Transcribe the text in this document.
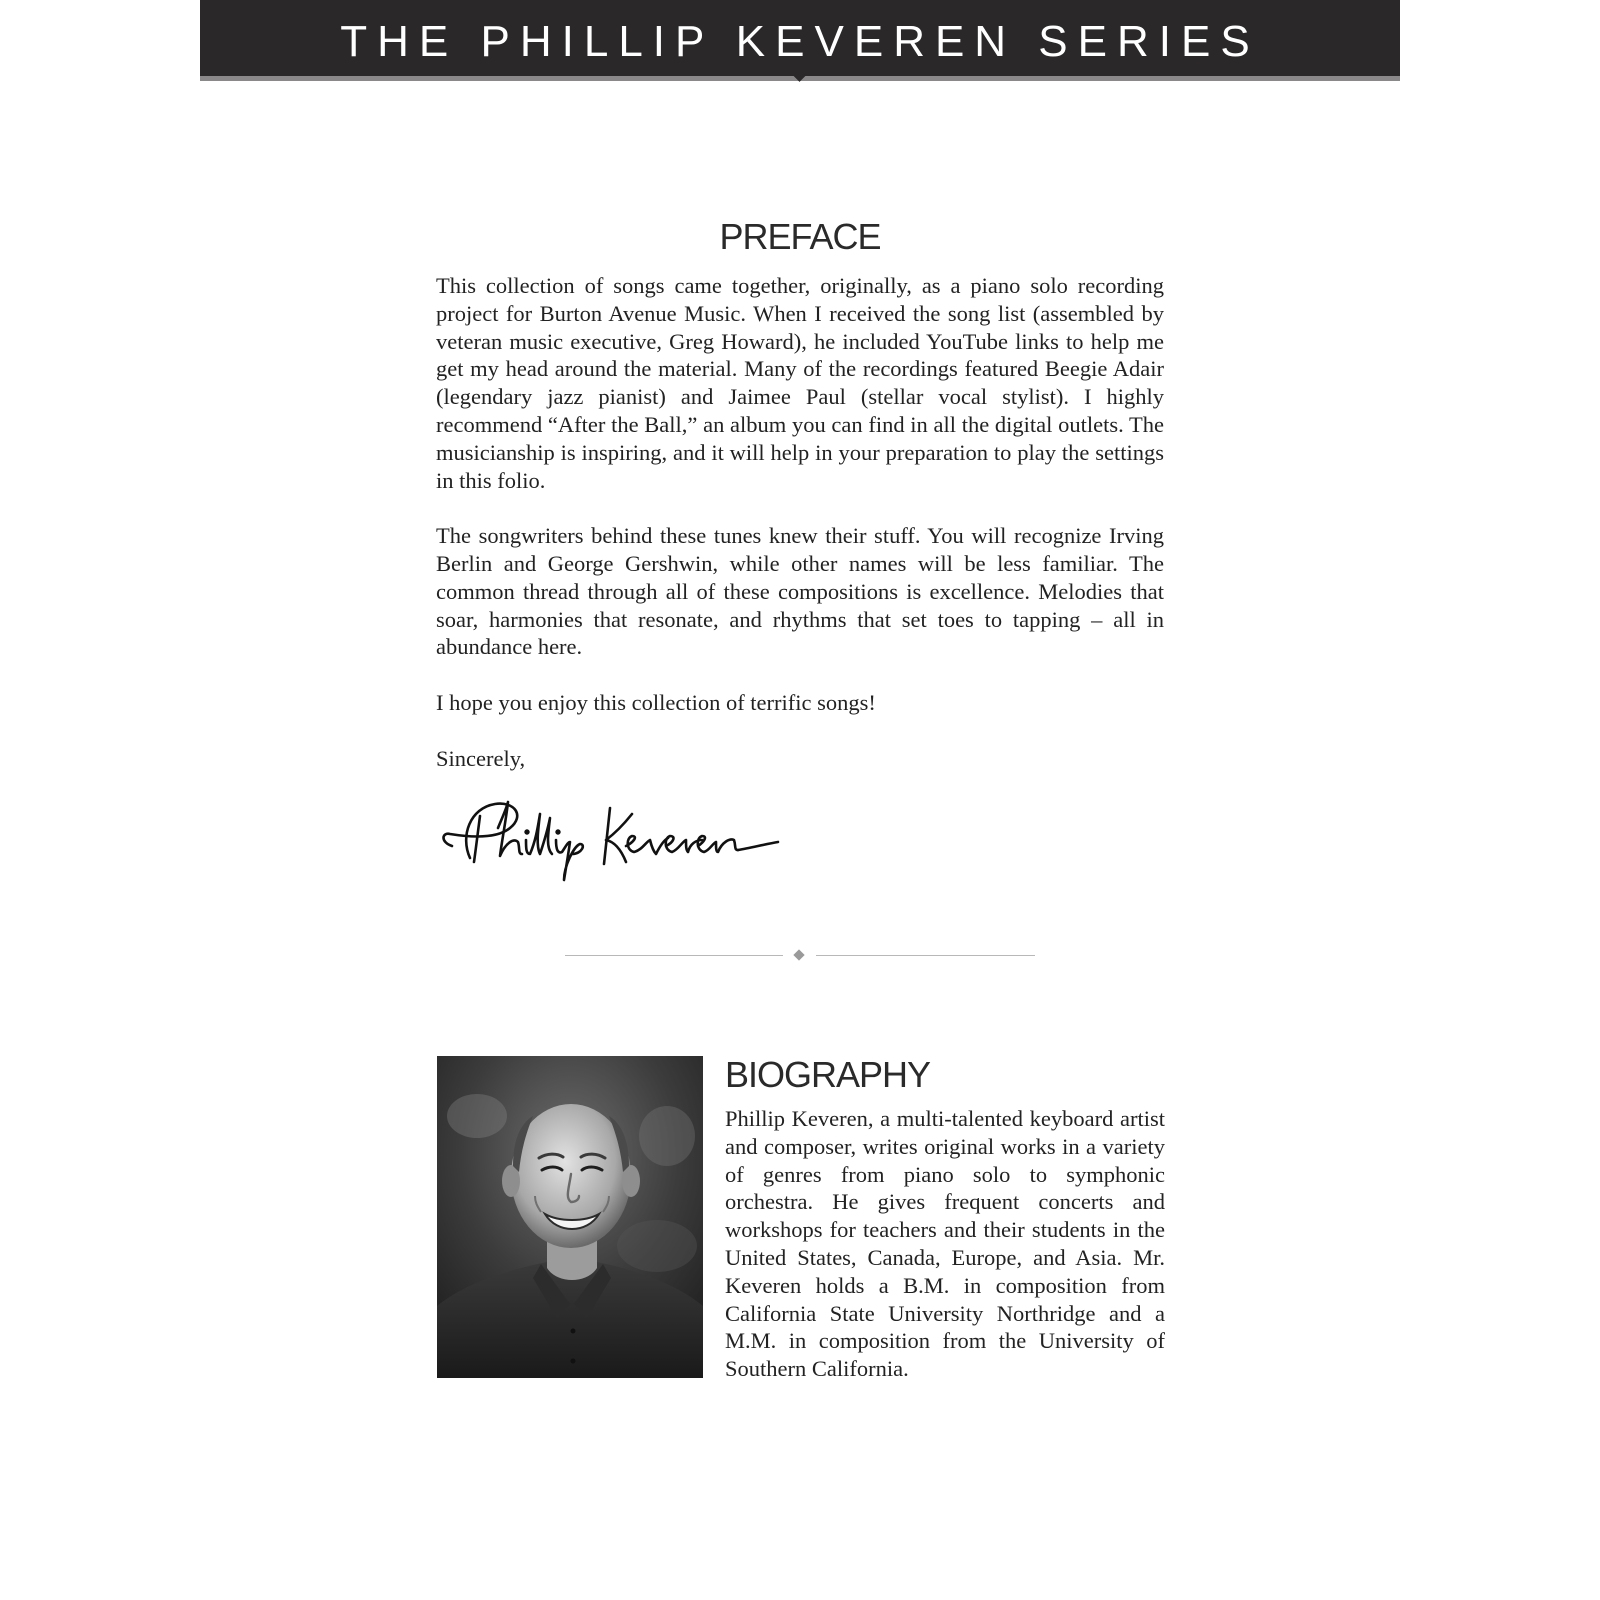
THE PHILLIP KEVEREN SERIES
PREFACE

This collection of songs came together, originally, as a piano solo recording project for Burton Avenue Music. When I received the song list (assembled by veteran music executive, Greg Howard), he included YouTube links to help me get my head around the material. Many of the recordings featured Beegie Adair (legendary jazz pianist) and Jaimee Paul (stellar vocal stylist). I highly recommend “After the Ball,” an album you can find in all the digital outlets. The musicianship is inspiring, and it will help in your preparation to play the settings in this folio.

The songwriters behind these tunes knew their stuff. You will recognize Irving Berlin and George Gershwin, while other names will be less familiar. The common thread through all of these compositions is excellence. Melodies that soar, harmonies that resonate, and rhythms that set toes to tapping – all in abundance here.

I hope you enjoy this collection of terrific songs!

Sincerely,

BIOGRAPHY

Phillip Keveren, a multi-talented keyboard artist and composer, writes original works in a variety of genres from piano solo to symphonic orchestra. He gives frequent concerts and workshops for teachers and their students in the United States, Canada, Europe, and Asia. Mr. Keveren holds a B.M. in composition from California State University Northridge and a M.M. in composition from the University of Southern California.
